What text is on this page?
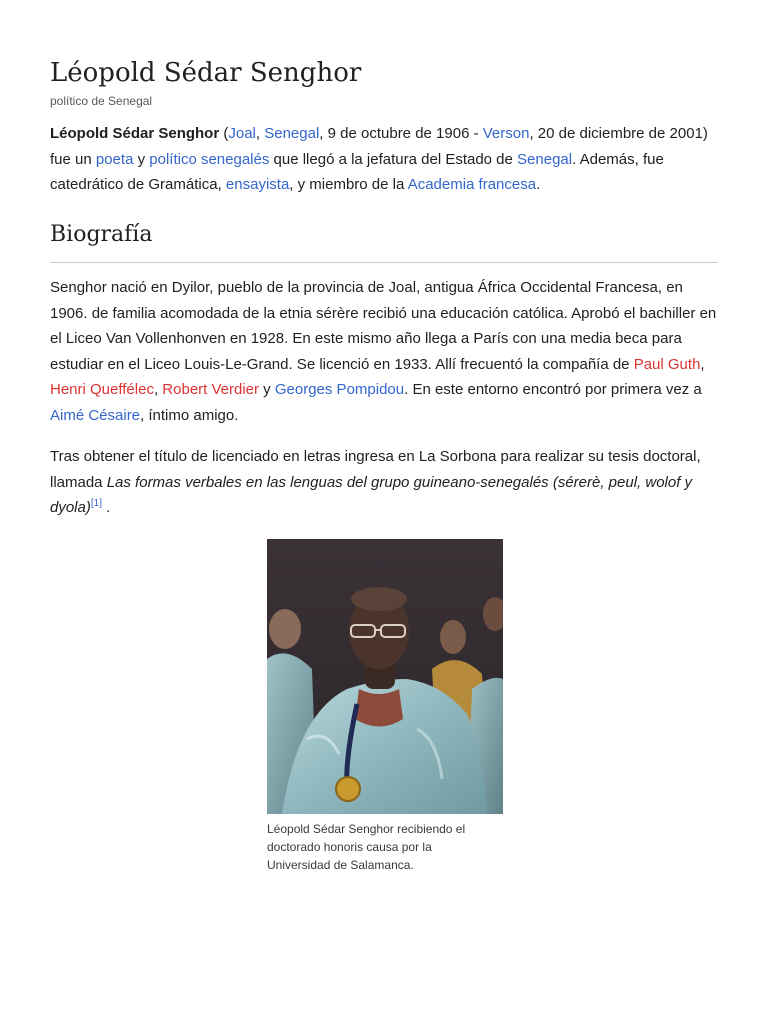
Léopold Sédar Senghor
político de Senegal

Léopold Sédar Senghor (Joal, Senegal, 9 de octubre de 1906 - Verson, 20 de diciembre de 2001) fue un poeta y político senegalés que llegó a la jefatura del Estado de Senegal. Además, fue catedrático de Gramática, ensayista, y miembro de la Academia francesa.

Biografía

Senghor nació en Dyilor, pueblo de la provincia de Joal, antigua África Occidental Francesa, en 1906. de familia acomodada de la etnia sérère recibió una educación católica. Aprobó el bachiller en el Liceo Van Vollenhonven en 1928. En este mismo año llega a París con una media beca para estudiar en el Liceo Louis-Le-Grand. Se licenció en 1933. Allí frecuentó la compañía de Paul Guth, Henri Queffélec, Robert Verdier y Georges Pompidou. En este entorno encontró por primera vez a Aimé Césaire, íntimo amigo.

Tras obtener el título de licenciado en letras ingresa en La Sorbona para realizar su tesis doctoral, llamada Las formas verbales en las lenguas del grupo guineano-senegalés (sérerè, peul, wolof y dyola)[1] .

Léopold Sédar Senghor recibiendo el doctorado honoris causa por la Universidad de Salamanca.
